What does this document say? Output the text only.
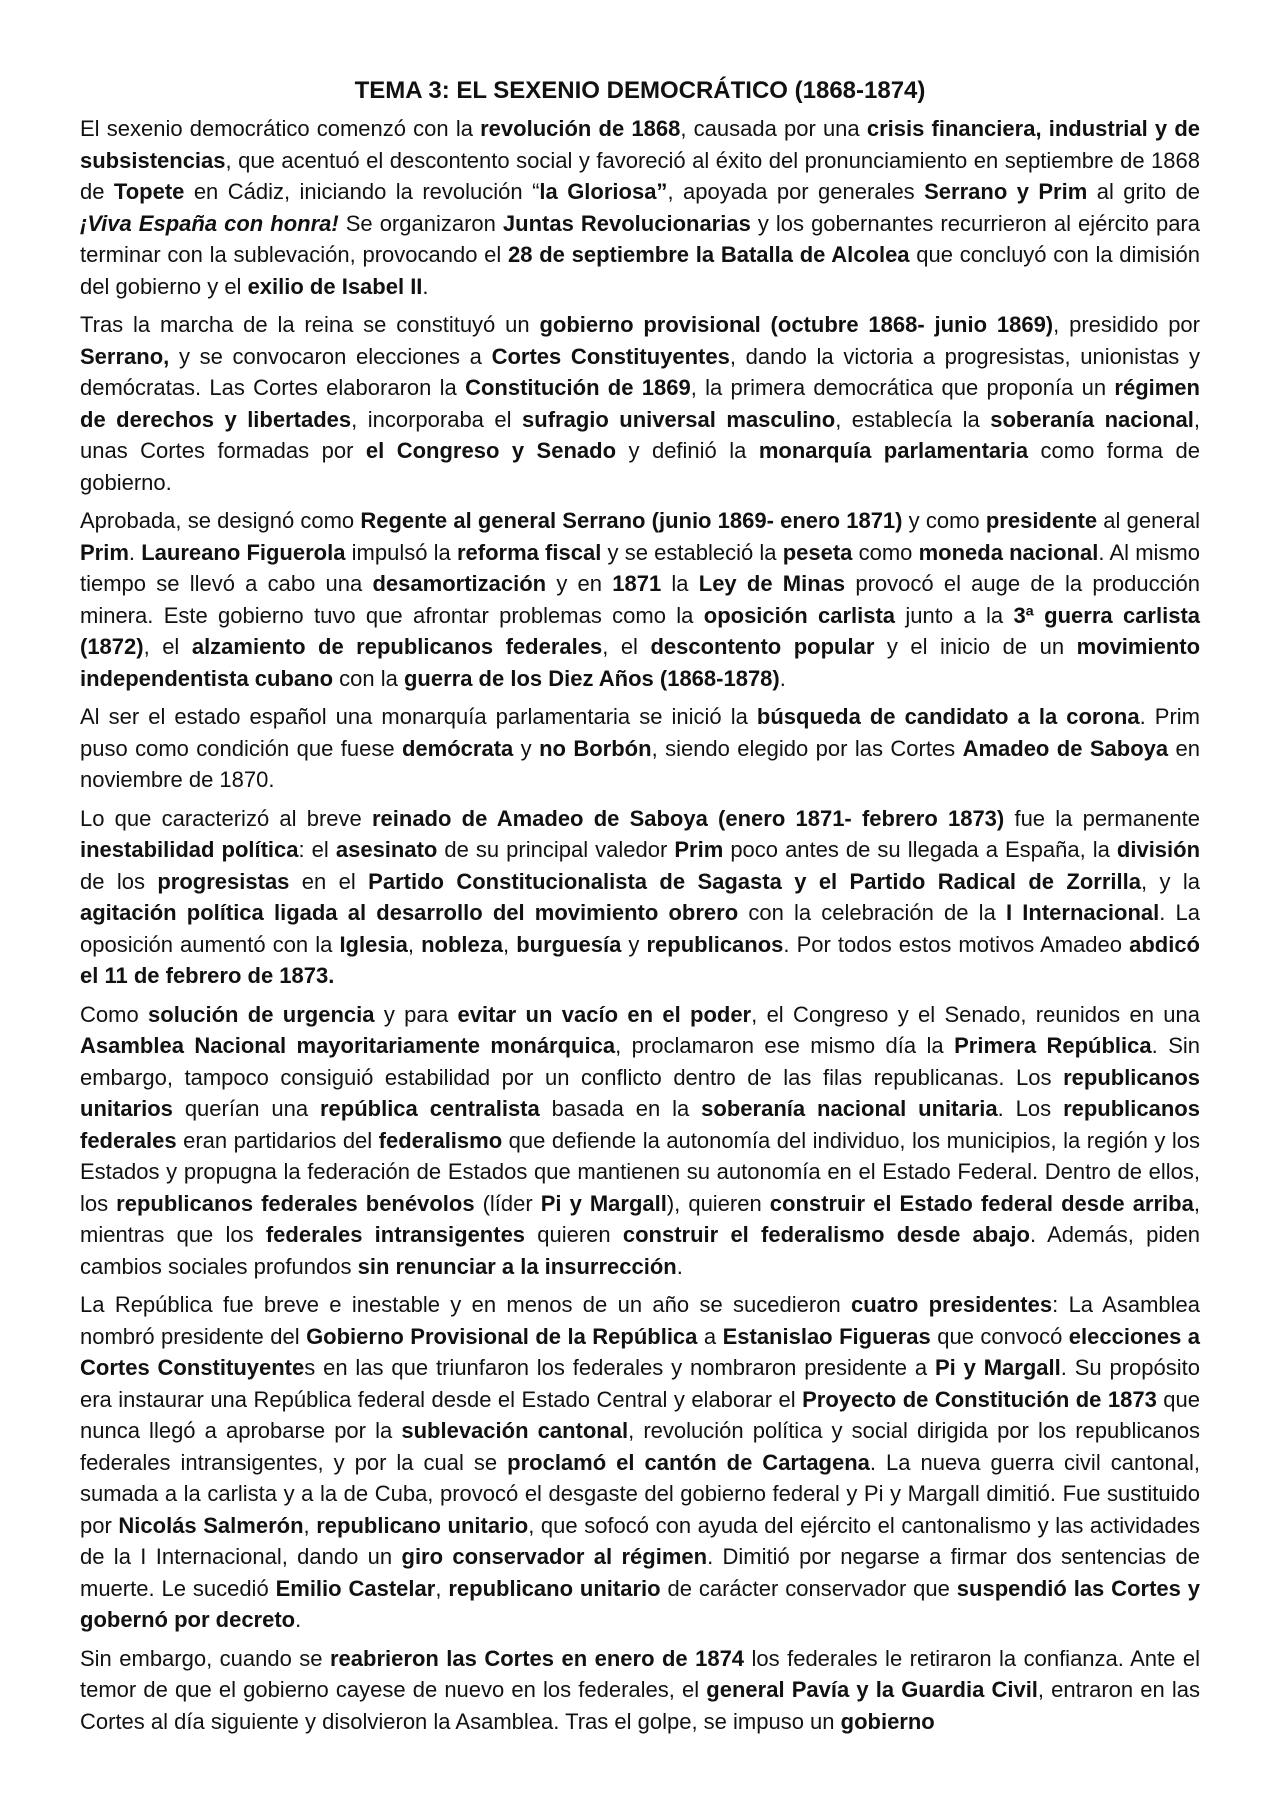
TEMA 3: EL SEXENIO DEMOCRÁTICO (1868-1874)

El sexenio democrático comenzó con la revolución de 1868, causada por una crisis financiera, industrial y de subsistencias, que acentuó el descontento social y favoreció al éxito del pronunciamiento en septiembre de 1868 de Topete en Cádiz, iniciando la revolución “la Gloriosa”, apoyada por generales Serrano y Prim al grito de ¡Viva España con honra! Se organizaron Juntas Revolucionarias y los gobernantes recurrieron al ejército para terminar con la sublevación, provocando el 28 de septiembre la Batalla de Alcolea que concluyó con la dimisión del gobierno y el exilio de Isabel II.

Tras la marcha de la reina se constituyó un gobierno provisional (octubre 1868- junio 1869), presidido por Serrano, y se convocaron elecciones a Cortes Constituyentes, dando la victoria a progresistas, unionistas y demócratas. Las Cortes elaboraron la Constitución de 1869, la primera democrática que proponía un régimen de derechos y libertades, incorporaba el sufragio universal masculino, establecía la soberanía nacional, unas Cortes formadas por el Congreso y Senado y definió la monarquía parlamentaria como forma de gobierno.

Aprobada, se designó como Regente al general Serrano (junio 1869- enero 1871) y como presidente al general Prim. Laureano Figuerola impulsó la reforma fiscal y se estableció la peseta como moneda nacional. Al mismo tiempo se llevó a cabo una desamortización y en 1871 la Ley de Minas provocó el auge de la producción minera. Este gobierno tuvo que afrontar problemas como la oposición carlista junto a la 3ª guerra carlista (1872), el alzamiento de republicanos federales, el descontento popular y el inicio de un movimiento independentista cubano con la guerra de los Diez Años (1868-1878).

Al ser el estado español una monarquía parlamentaria se inició la búsqueda de candidato a la corona. Prim puso como condición que fuese demócrata y no Borbón, siendo elegido por las Cortes Amadeo de Saboya en noviembre de 1870.

Lo que caracterizó al breve reinado de Amadeo de Saboya (enero 1871- febrero 1873) fue la permanente inestabilidad política: el asesinato de su principal valedor Prim poco antes de su llegada a España, la división de los progresistas en el Partido Constitucionalista de Sagasta y el Partido Radical de Zorrilla, y la agitación política ligada al desarrollo del movimiento obrero con la celebración de la I Internacional. La oposición aumentó con la Iglesia, nobleza, burguesía y republicanos. Por todos estos motivos Amadeo abdicó el 11 de febrero de 1873.

Como solución de urgencia y para evitar un vacío en el poder, el Congreso y el Senado, reunidos en una Asamblea Nacional mayoritariamente monárquica, proclamaron ese mismo día la Primera República. Sin embargo, tampoco consiguió estabilidad por un conflicto dentro de las filas republicanas. Los republicanos unitarios querían una república centralista basada en la soberanía nacional unitaria. Los republicanos federales eran partidarios del federalismo que defiende la autonomía del individuo, los municipios, la región y los Estados y propugna la federación de Estados que mantienen su autonomía en el Estado Federal. Dentro de ellos, los republicanos federales benévolos (líder Pi y Margall), quieren construir el Estado federal desde arriba, mientras que los federales intransigentes quieren construir el federalismo desde abajo. Además, piden cambios sociales profundos sin renunciar a la insurrección.

La República fue breve e inestable y en menos de un año se sucedieron cuatro presidentes: La Asamblea nombró presidente del Gobierno Provisional de la República a Estanislao Figueras que convocó elecciones a Cortes Constituyentes en las que triunfaron los federales y nombraron presidente a Pi y Margall. Su propósito era instaurar una República federal desde el Estado Central y elaborar el Proyecto de Constitución de 1873 que nunca llegó a aprobarse por la sublevación cantonal, revolución política y social dirigida por los republicanos federales intransigentes, y por la cual se proclamó el cantón de Cartagena. La nueva guerra civil cantonal, sumada a la carlista y a la de Cuba, provocó el desgaste del gobierno federal y Pi y Margall dimitió. Fue sustituido por Nicolás Salmerón, republicano unitario, que sofocó con ayuda del ejército el cantonalismo y las actividades de la I Internacional, dando un giro conservador al régimen. Dimitió por negarse a firmar dos sentencias de muerte. Le sucedió Emilio Castelar, republicano unitario de carácter conservador que suspendió las Cortes y gobernó por decreto.

Sin embargo, cuando se reabrieron las Cortes en enero de 1874 los federales le retiraron la confianza. Ante el temor de que el gobierno cayese de nuevo en los federales, el general Pavía y la Guardia Civil, entraron en las Cortes al día siguiente y disolvieron la Asamblea. Tras el golpe, se impuso un gobierno
